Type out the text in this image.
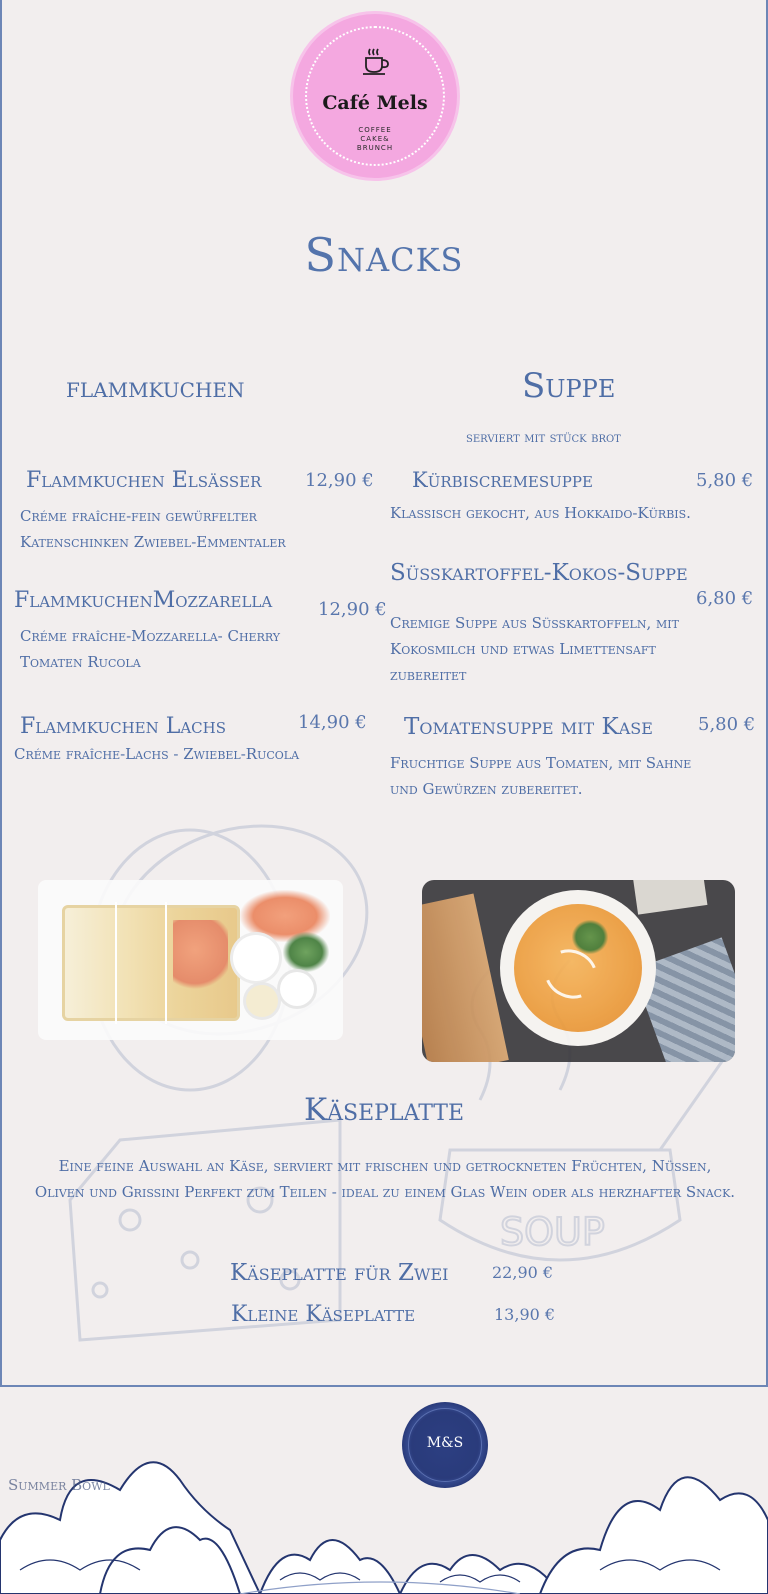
SOUP
Café Mels
COFFEE
CAKE&
BRUNCH
Snacks
flammkuchen
Flammkuchen Elsässer 12,90 €
Créme fraîche-fein gewürfelter
Katenschinken Zwiebel-Emmentaler
FlammkuchenMozzarella	12,90 €
Créme fraîche-Mozzarella- Cherry
Tomaten Rucola
Flammkuchen Lachs	14,90 €
Créme fraîche-Lachs - Zwiebel-Rucola
Suppe
serviert mit stück brot
Kürbiscremesuppe	5,80 €
Klassisch gekocht, aus Hokkaido-Kürbis.
Süsskartoffel-Kokos-Suppe
6,80 €
Cremige Suppe aus Süsskartoffeln, mit
Kokosmilch und etwas Limettensaft
zubereitet
Tomatensuppe mit Kase	5,80 €
Fruchtige Suppe aus Tomaten, mit Sahne
und Gewürzen zubereitet.
Käseplatte
Eine feine Auswahl an Käse, serviert mit frischen und getrockneten Früchten, Nüssen,
Oliven und Grissini Perfekt zum Teilen - ideal zu einem Glas Wein oder als herzhafter Snack.
Käseplatte für Zwei	22,90 €
Kleine Käseplatte	13,90 €
M&S
Summer Bowl
